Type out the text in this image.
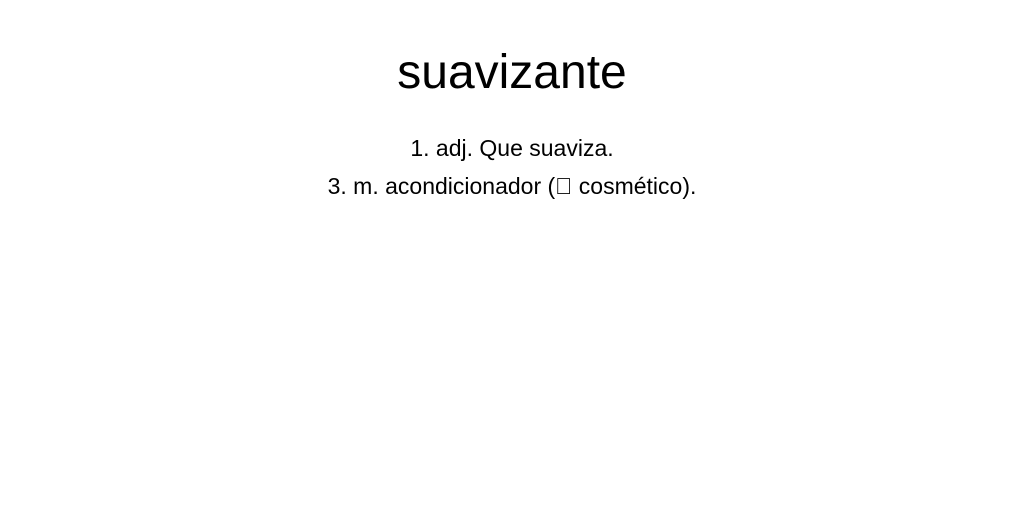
suavizante
1. adj. Que suaviza.
3. m. acondicionador ( cosmético).
